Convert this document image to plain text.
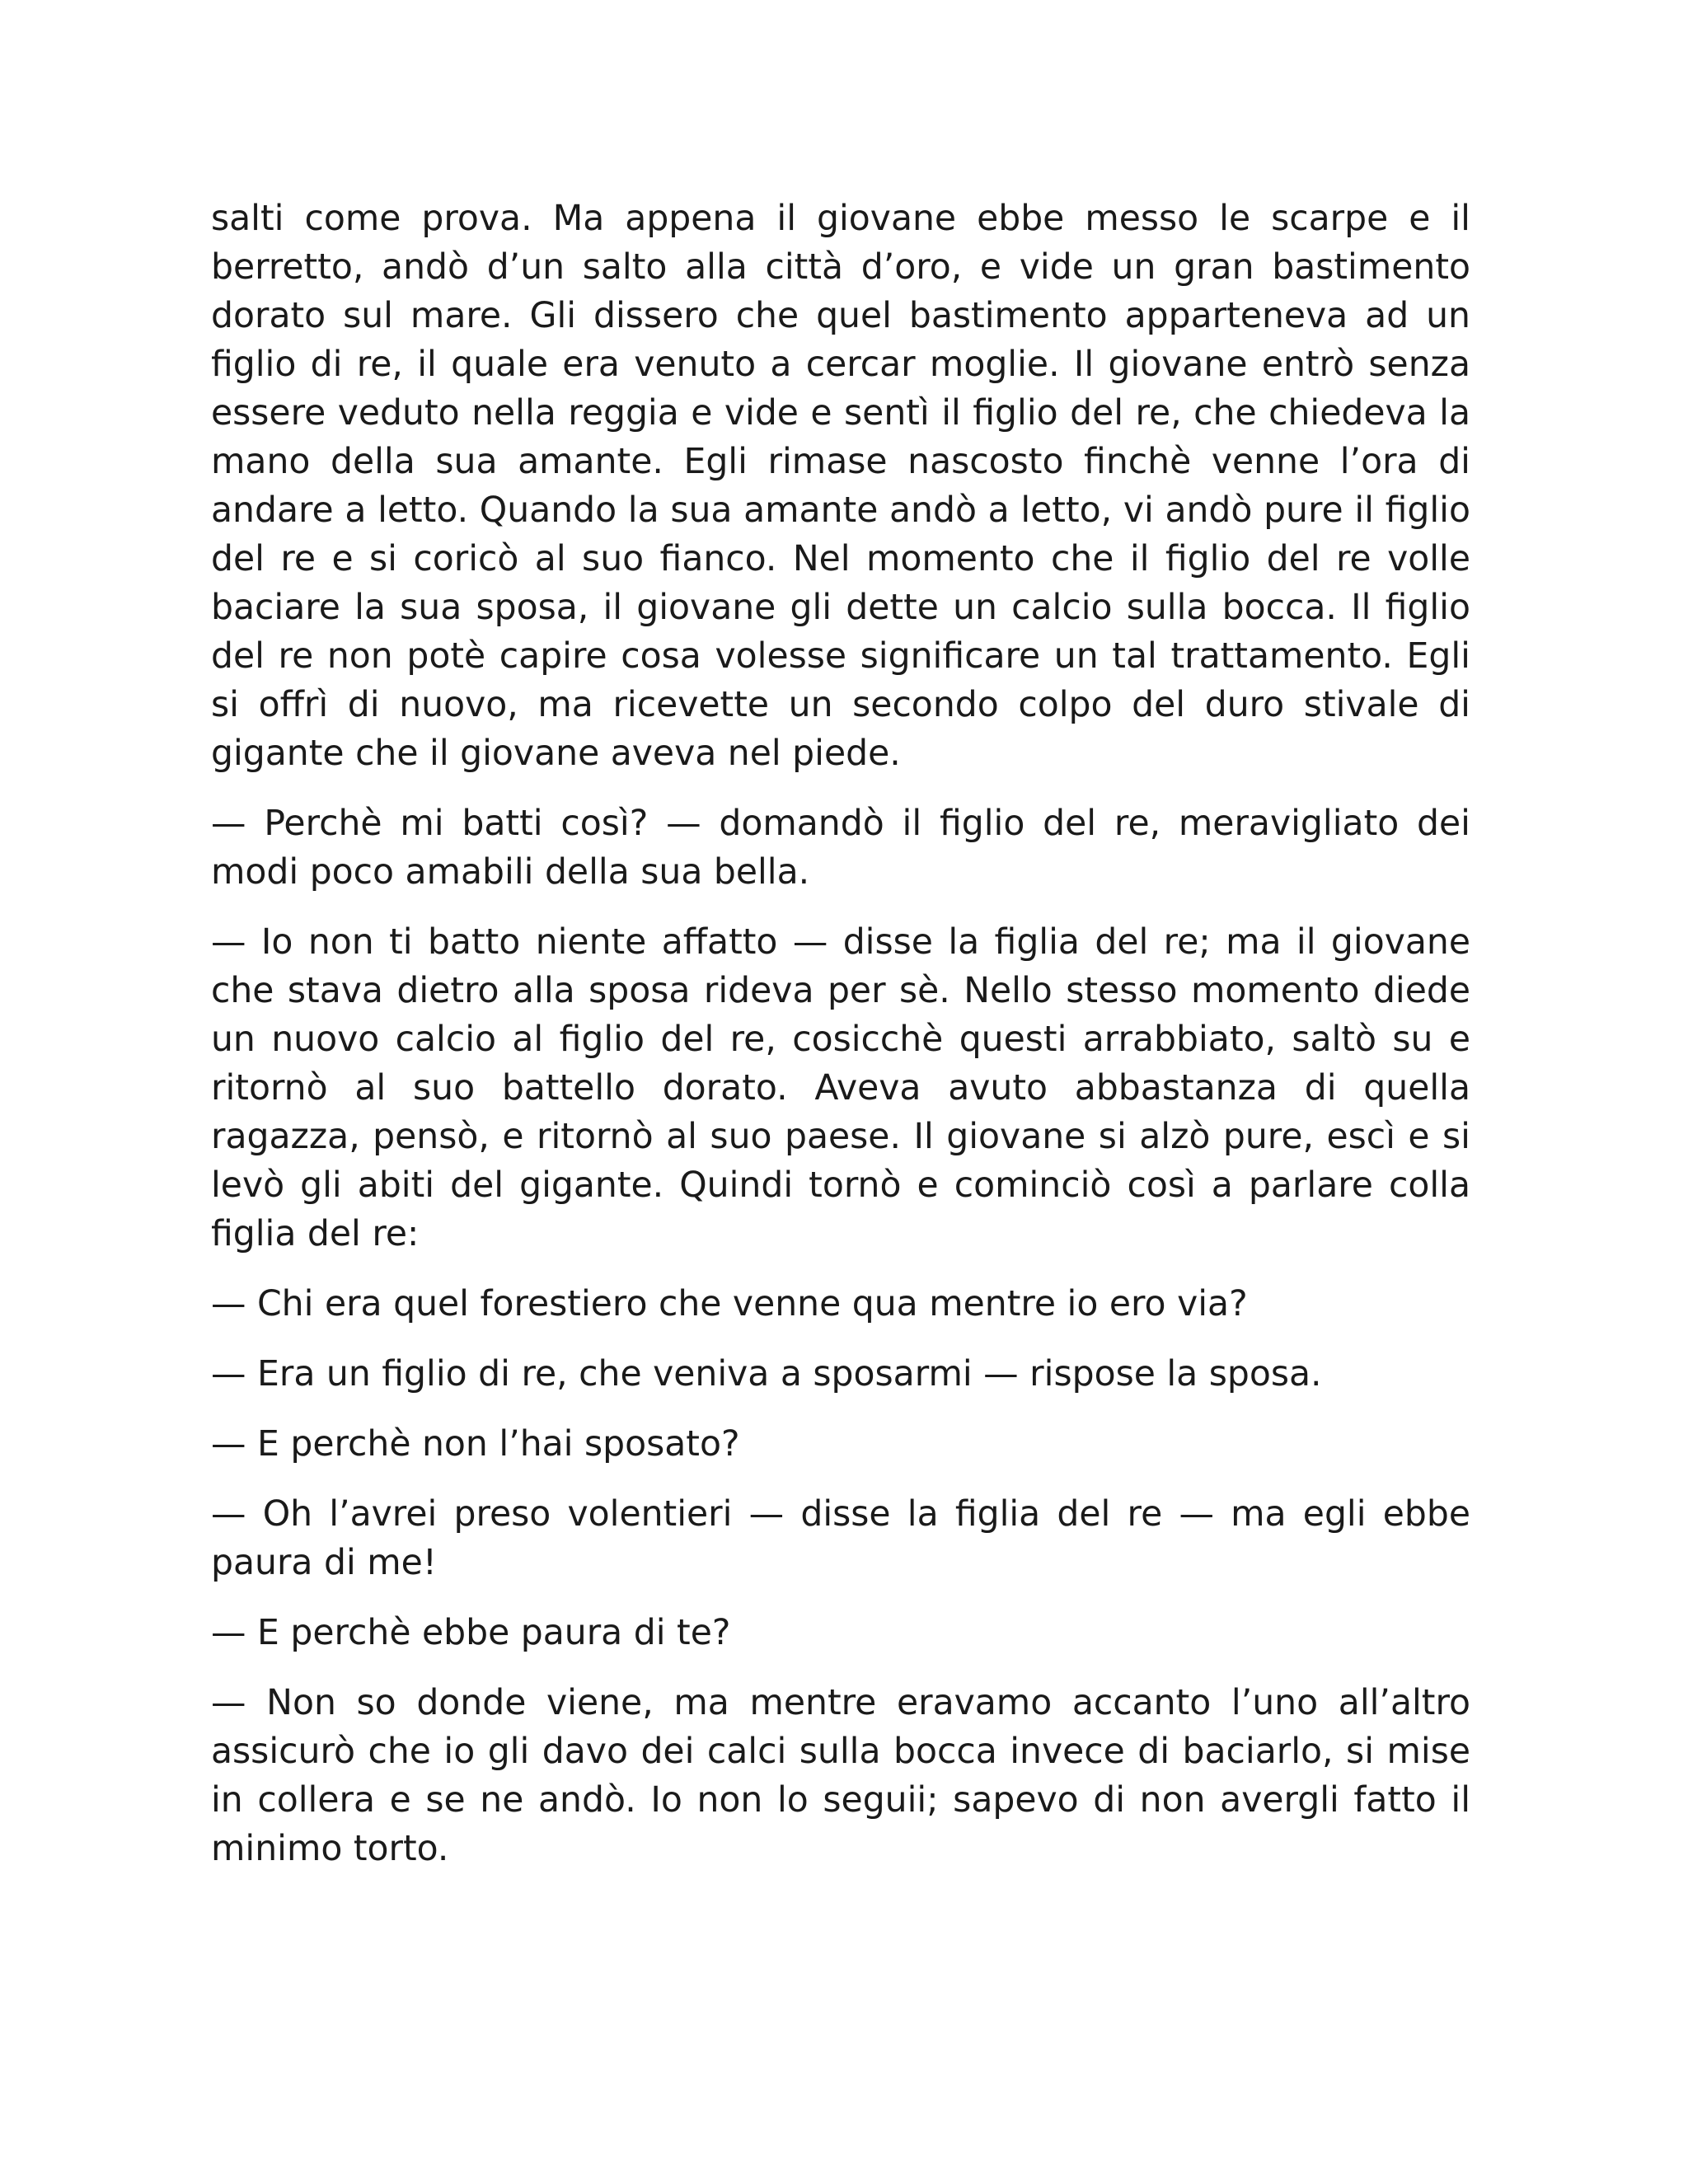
salti come prova. Ma appena il giovane ebbe messo le scarpe e il berretto, andò d’un salto alla città d’oro, e vide un gran bastimento dorato sul mare. Gli dissero che quel bastimento apparteneva ad un figlio di re, il quale era venuto a cercar moglie. Il giovane entrò senza essere veduto nella reggia e vide e sentì il figlio del re, che chiedeva la mano della sua amante. Egli rimase nascosto finchè venne l’ora di andare a letto. Quando la sua amante andò a letto, vi andò pure il figlio del re e si coricò al suo fianco. Nel momento che il figlio del re volle baciare la sua sposa, il giovane gli dette un calcio sulla bocca. Il figlio del re non potè capire cosa volesse significare un tal trattamento. Egli si offrì di nuovo, ma ricevette un secondo colpo del duro stivale di gigante che il giovane aveva nel piede.

— Perchè mi batti così? — domandò il figlio del re, meravigliato dei modi poco amabili della sua bella.

— Io non ti batto niente affatto — disse la figlia del re; ma il giovane che stava dietro alla sposa rideva per sè. Nello stesso momento diede un nuovo calcio al figlio del re, cosicchè questi arrabbiato, saltò su e ritornò al suo battello dorato. Aveva avuto abbastanza di quella ragazza, pensò, e ritornò al suo paese. Il giovane si alzò pure, escì e si levò gli abiti del gigante. Quindi tornò e cominciò così a parlare colla figlia del re:

— Chi era quel forestiero che venne qua mentre io ero via?

— Era un figlio di re, che veniva a sposarmi — rispose la sposa.

— E perchè non l’hai sposato?

— Oh l’avrei preso volentieri — disse la figlia del re — ma egli ebbe paura di me!

— E perchè ebbe paura di te?

— Non so donde viene, ma mentre eravamo accanto l’uno all’altro assicurò che io gli davo dei calci sulla bocca invece di baciarlo, si mise in collera e se ne andò. Io non lo seguii; sapevo di non avergli fatto il minimo torto.
